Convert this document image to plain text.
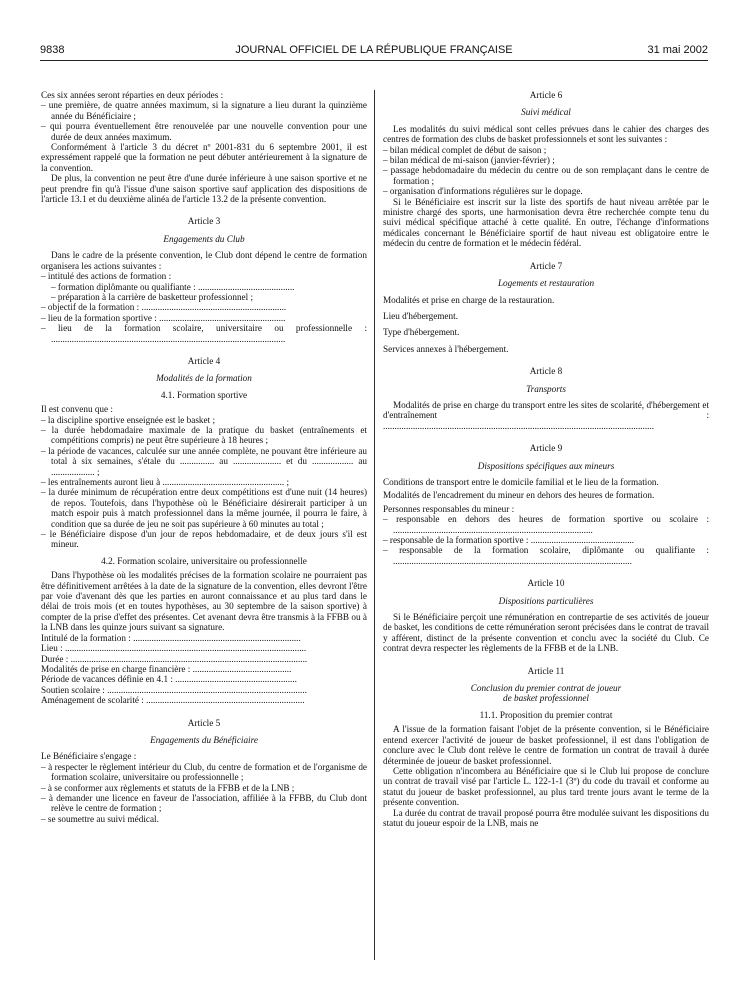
9838	JOURNAL OFFICIEL DE LA RÉPUBLIQUE FRANÇAISE	31 mai 2002

Ces six années seront réparties en deux périodes :

– une première, de quatre années maximum, si la signature a lieu durant la quinzième année du Bénéficiaire ;

– qui pourra éventuellement être renouvelée par une nouvelle convention pour une durée de deux années maximum.

Conformément à l'article 3 du décret nº 2001-831 du 6 septembre 2001, il est expressément rappelé que la formation ne peut débuter antérieurement à la signature de la convention.

De plus, la convention ne peut être d'une durée inférieure à une saison sportive et ne peut prendre fin qu'à l'issue d'une saison sportive sauf application des dispositions de l'article 13.1 et du deuxième alinéa de l'article 13.2 de la présente convention.

Article 3

Engagements du Club

Dans le cadre de la présente convention, le Club dont dépend le centre de formation organisera les actions suivantes :

– intitulé des actions de formation :

– formation diplômante ou qualifiante : ..........................................

– préparation à la carrière de basketteur professionnel ;

– objectif de la formation : ...............................................................

– lieu de la formation sportive : .......................................................

– lieu de la formation scolaire, universitaire ou professionnelle : ......................................................................................................

Article 4

Modalités de la formation

4.1. Formation sportive

Il est convenu que :

– la discipline sportive enseignée est le basket ;

– la durée hebdomadaire maximale de la pratique du basket (entraînements et compétitions compris) ne peut être supérieure à 18 heures ;

– la période de vacances, calculée sur une année complète, ne pouvant être inférieure au total à six semaines, s'étale du ............... au ..................... et du .................. au ................... ;

– les entraînements auront lieu à ..................................................... ;

– la durée minimum de récupération entre deux compétitions est d'une nuit (14 heures) de repos. Toutefois, dans l'hypothèse où le Bénéficiaire désirerait participer à un match espoir puis à match professionnel dans la même journée, il pourra le faire, à condition que sa durée de jeu ne soit pas supérieure à 60 minutes au total ;

– le Bénéficiaire dispose d'un jour de repos hebdomadaire, et de deux jours s'il est mineur.

4.2. Formation scolaire, universitaire ou professionnelle

Dans l'hypothèse où les modalités précises de la formation scolaire ne pourraient pas être définitivement arrêtées à la date de la signature de la convention, elles devront l'être par voie d'avenant dès que les parties en auront connaissance et au plus tard dans le délai de trois mois (et en toutes hypothèses, au 30 septembre de la saison sportive) à compter de la prise d'effet des présentes. Cet avenant devra être transmis à la FFBB ou à la LNB dans les quinze jours suivant sa signature.

Intitulé de la formation : .........................................................................

Lieu : .........................................................................................................

Durée : .......................................................................................................

Modalités de prise en charge financière : ...........................................

Période de vacances définie en 4.1 : .....................................................

Soutien scolaire : .......................................................................................

Aménagement de scolarité : .....................................................................

Article 5

Engagements du Bénéficiaire

Le Bénéficiaire s'engage :

– à respecter le règlement intérieur du Club, du centre de formation et de l'organisme de formation scolaire, universitaire ou professionnelle ;

– à se conformer aux règlements et statuts de la FFBB et de la LNB ;

– à demander une licence en faveur de l'association, affiliée à la FFBB, du Club dont relève le centre de formation ;

– se soumettre au suivi médical.

Article 6

Suivi médical

Les modalités du suivi médical sont celles prévues dans le cahier des charges des centres de formation des clubs de basket professionnels et sont les suivantes :

– bilan médical complet de début de saison ;

– bilan médical de mi-saison (janvier-février) ;

– passage hebdomadaire du médecin du centre ou de son remplaçant dans le centre de formation ;

– organisation d'informations régulières sur le dopage.

Si le Bénéficiaire est inscrit sur la liste des sportifs de haut niveau arrêtée par le ministre chargé des sports, une harmonisation devra être recherchée compte tenu du suivi médical spécifique attaché à cette qualité. En outre, l'échange d'informations médicales concernant le Bénéficiaire sportif de haut niveau est obligatoire entre le médecin du centre de formation et le médecin fédéral.

Article 7

Logements et restauration

Modalités et prise en charge de la restauration.

Lieu d'hébergement.

Type d'hébergement.

Services annexes à l'hébergement.

Article 8

Transports

Modalités de prise en charge du transport entre les sites de scolarité, d'hébergement et d'entraînement : ......................................................................................................................

Article 9

Dispositions spécifiques aux mineurs

Conditions de transport entre le domicile familial et le lieu de la formation.

Modalités de l'encadrement du mineur en dehors des heures de formation.

Personnes responsables du mineur :

– responsable en dehors des heures de formation sportive ou scolaire : .......................................................................................

– responsable de la formation sportive : .............................................

– responsable de la formation scolaire, diplômante ou qualifiante : ........................................................................................................

Article 10

Dispositions particulières

Si le Bénéficiaire perçoit une rémunération en contrepartie de ses activités de joueur de basket, les conditions de cette rémunération seront précisées dans le contrat de travail y afférent, distinct de la présente convention et conclu avec la société du Club. Ce contrat devra respecter les règlements de la FFBB et de la LNB.

Article 11

Conclusion du premier contrat de joueur

de basket professionnel

11.1. Proposition du premier contrat

A l'issue de la formation faisant l'objet de la présente convention, si le Bénéficiaire entend exercer l'activité de joueur de basket professionnel, il est dans l'obligation de conclure avec le Club dont relève le centre de formation un contrat de travail à durée déterminée de joueur de basket professionnel.

Cette obligation n'incombera au Bénéficiaire que si le Club lui propose de conclure un contrat de travail visé par l'article L. 122-1-1 (3º) du code du travail et conforme au statut du joueur de basket professionnel, au plus tard trente jours avant le terme de la présente convention.

La durée du contrat de travail proposé pourra être modulée suivant les dispositions du statut du joueur espoir de la LNB, mais ne
